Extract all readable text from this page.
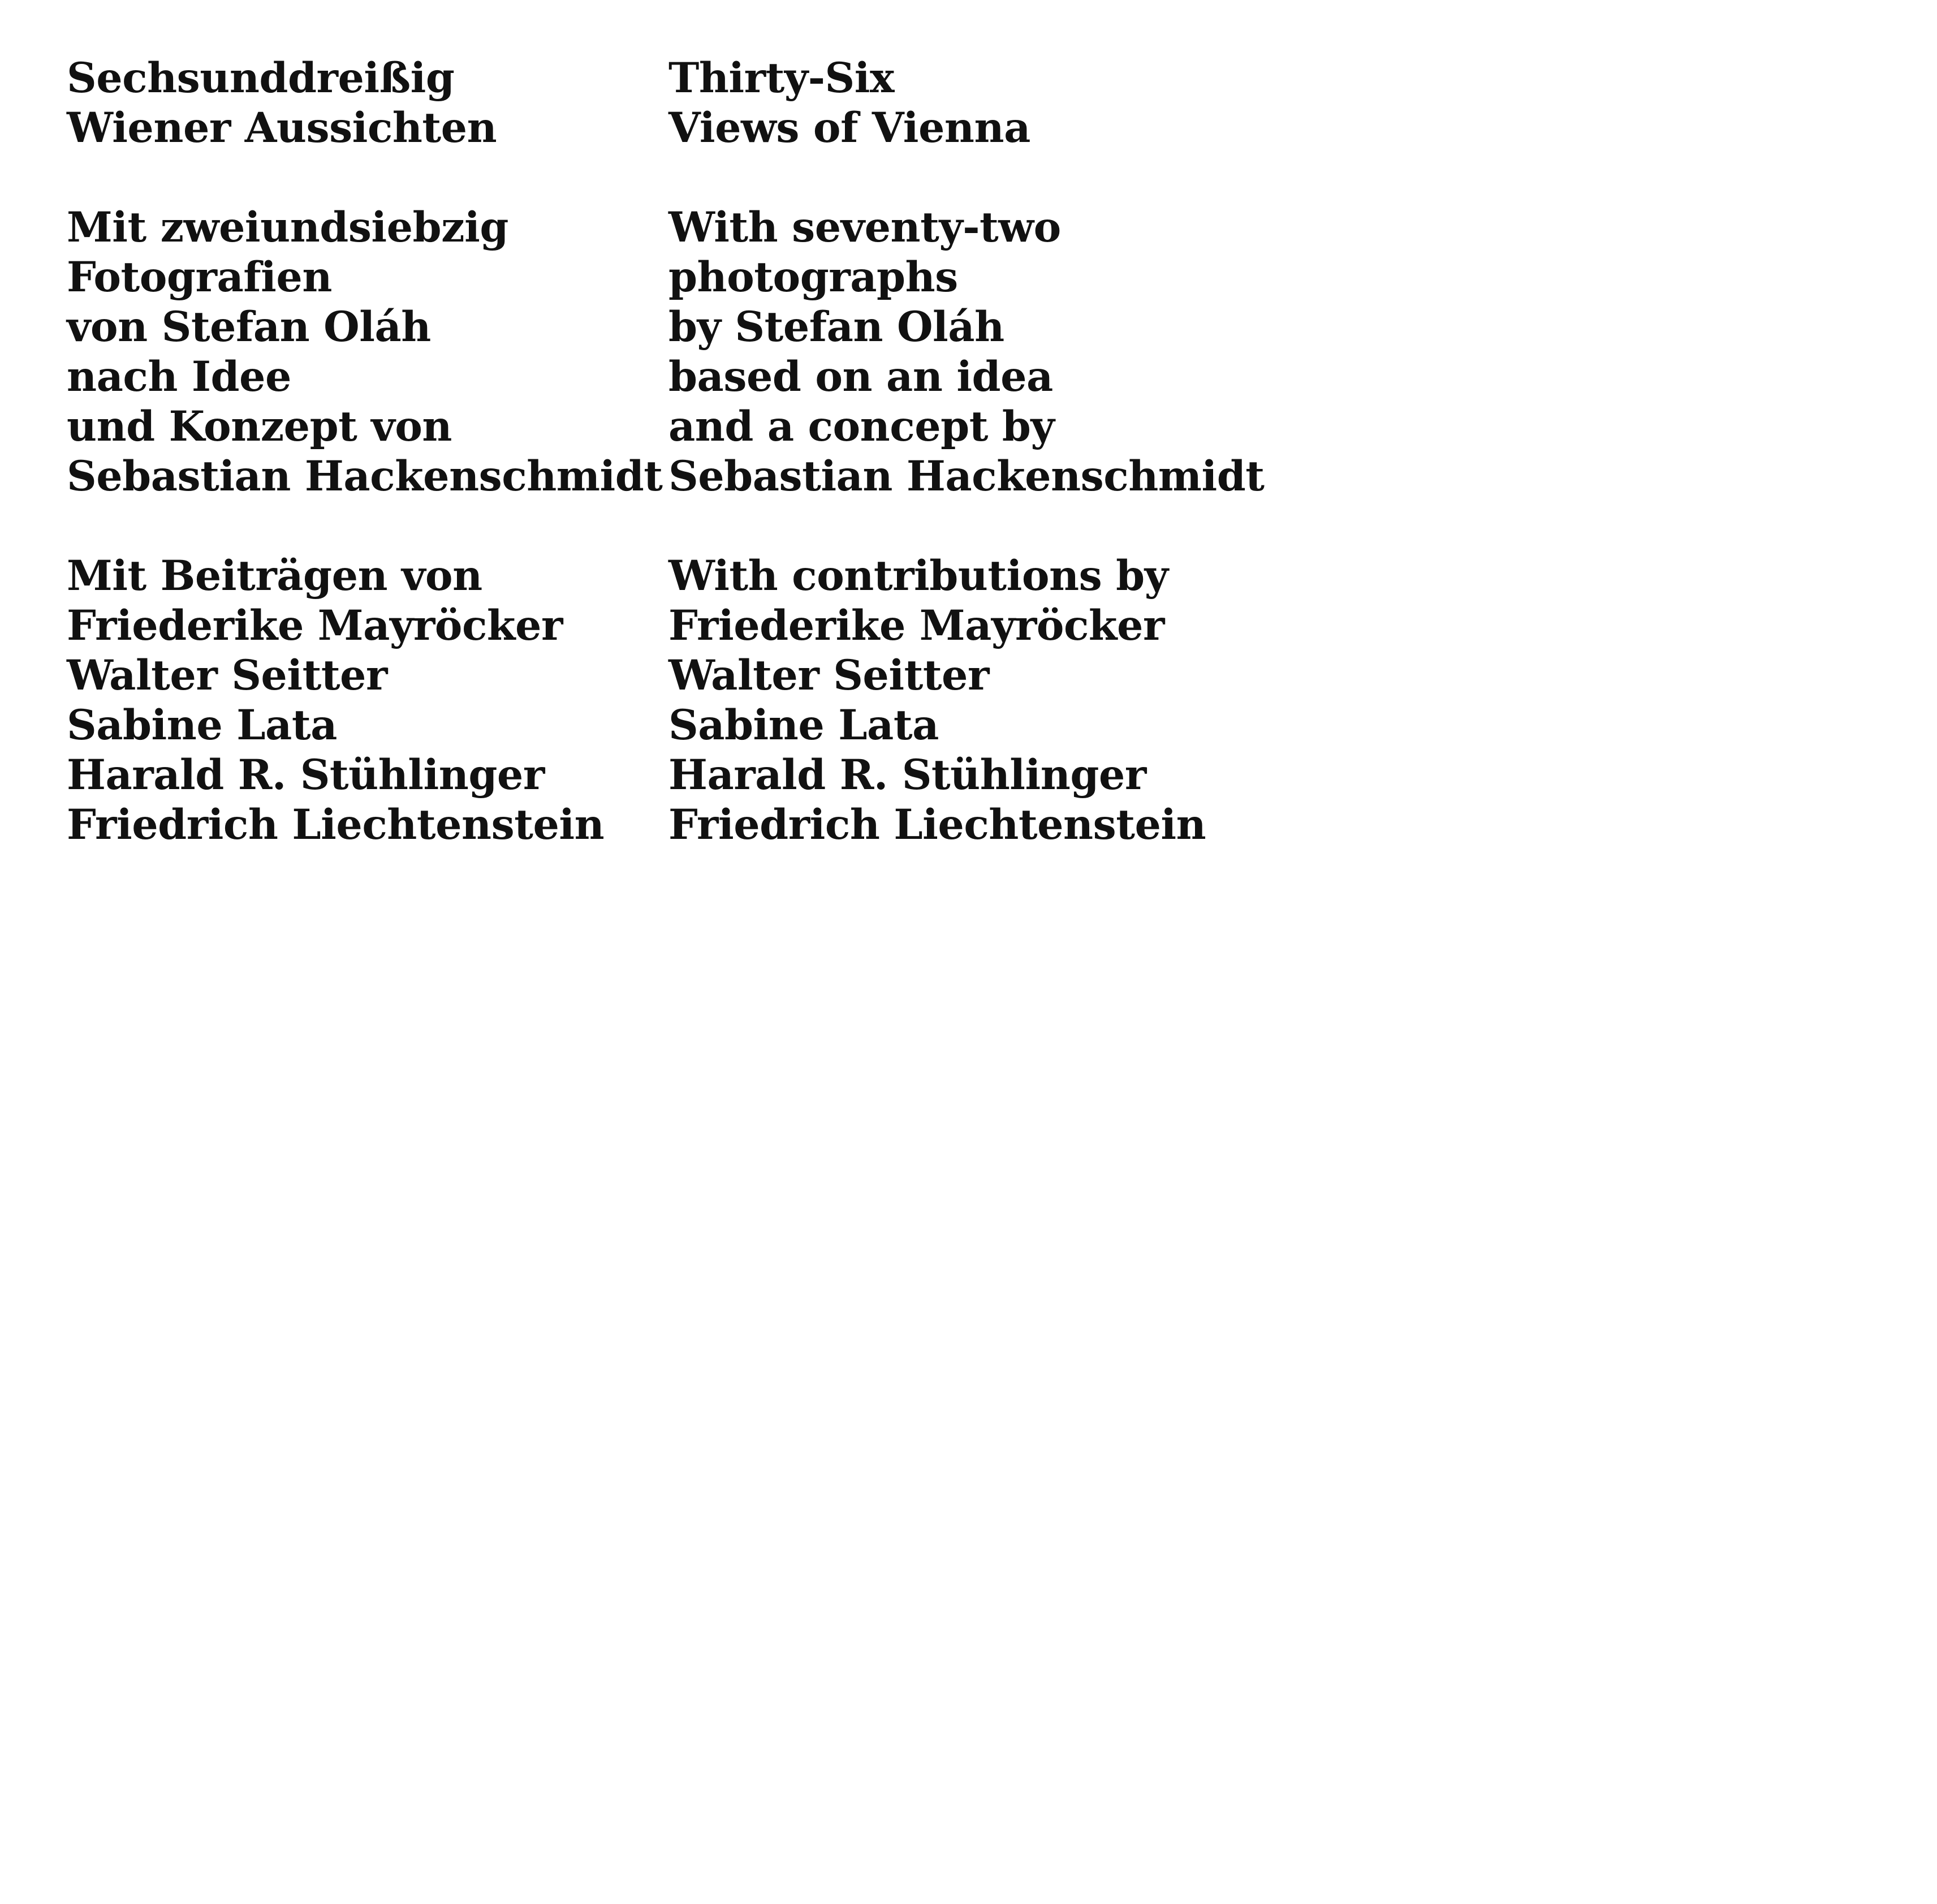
Sechsunddreißig
Wiener Aussichten

Mit zweiundsiebzig
Fotografien
von Stefan Oláh
nach Idee
und Konzept von
Sebastian Hackenschmidt

Mit Beiträgen von
Friederike Mayröcker
Walter Seitter
Sabine Lata
Harald R. Stühlinger
Friedrich Liechtenstein

Thirty-Six
Views of Vienna

With seventy-two
photographs
by Stefan Oláh
based on an idea
and a concept by
Sebastian Hackenschmidt

With contributions by
Friederike Mayröcker
Walter Seitter
Sabine Lata
Harald R. Stühlinger
Friedrich Liechtenstein
